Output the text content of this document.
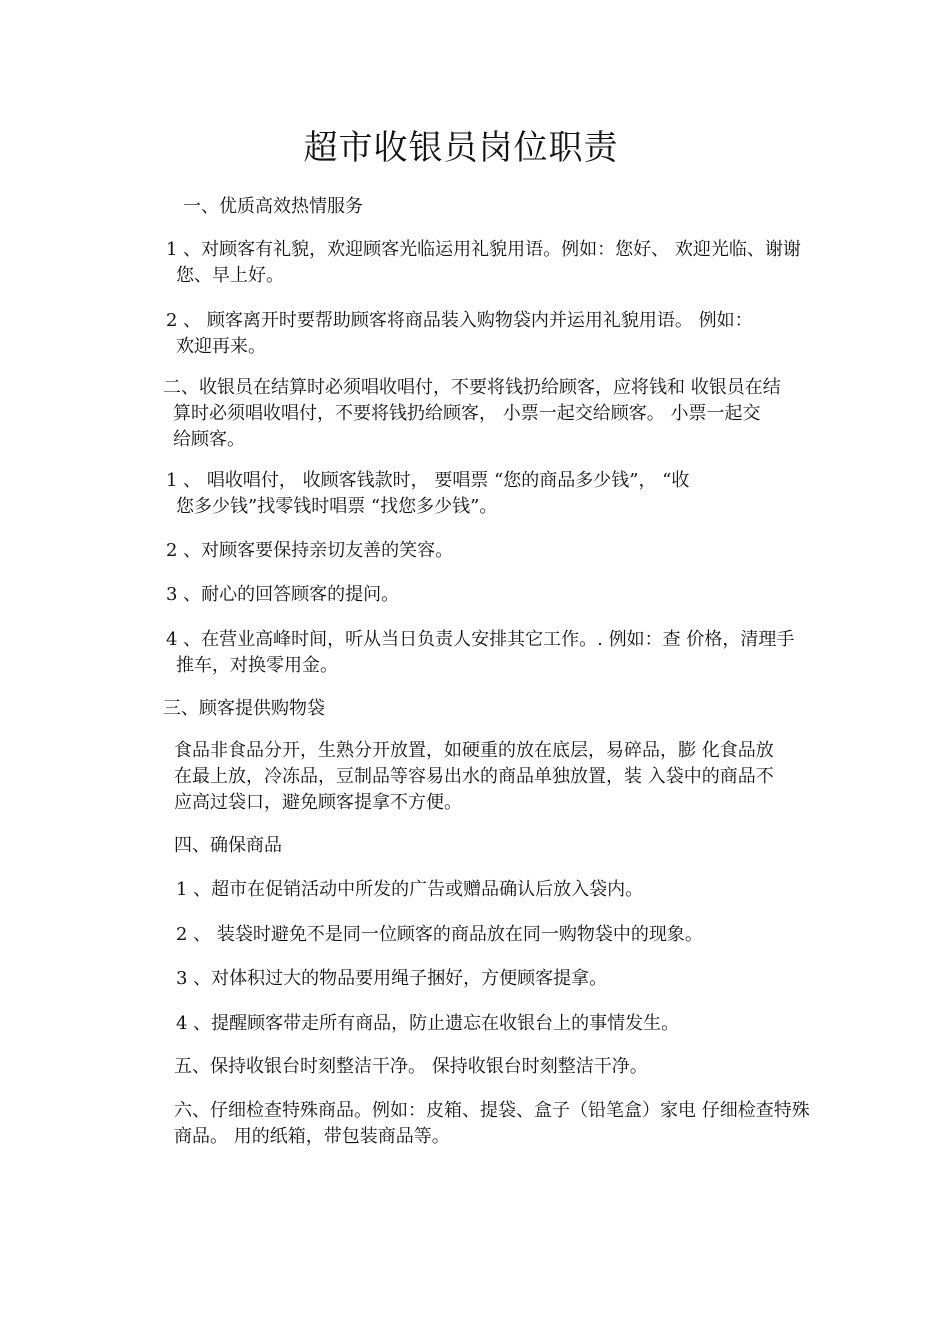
超市收银员岗位职责
一、优质高效热情服务
1 、对顾客有礼貌，欢迎顾客光临运用礼貌用语。例如：您好、 欢迎光临、谢谢
您、早上好。
2 、 顾客离开时要帮助顾客将商品装入购物袋内并运用礼貌用语。 例如：
欢迎再来。
二、收银员在结算时必须唱收唱付，不要将钱扔给顾客，应将钱和 收银员在结
算时必须唱收唱付，不要将钱扔给顾客， 小票一起交给顾客。 小票一起交
给顾客。
1 、 唱收唱付， 收顾客钱款时， 要唱票 “您的商品多少钱”， “收
您多少钱”找零钱时唱票 “找您多少钱”。
2 、对顾客要保持亲切友善的笑容。
3 、耐心的回答顾客的提问。
4 、在营业高峰时间，听从当日负责人安排其它工作。. 例如：查 价格，清理手
推车，对换零用金。
三、顾客提供购物袋
食品非食品分开，生熟分开放置，如硬重的放在底层，易碎品，膨 化食品放
在最上放，冷冻品，豆制品等容易出水的商品单独放置，装 入袋中的商品不
应高过袋口，避免顾客提拿不方便。
四、确保商品
1 、超市在促销活动中所发的广告或赠品确认后放入袋内。
2 、 装袋时避免不是同一位顾客的商品放在同一购物袋中的现象。
3 、对体积过大的物品要用绳子捆好，方便顾客提拿。
4 、提醒顾客带走所有商品，防止遗忘在收银台上的事情发生。
五、保持收银台时刻整洁干净。 保持收银台时刻整洁干净。
六、仔细检查特殊商品。例如：皮箱、提袋、盒子（铅笔盒）家电 仔细检查特殊
商品。 用的纸箱，带包装商品等。
